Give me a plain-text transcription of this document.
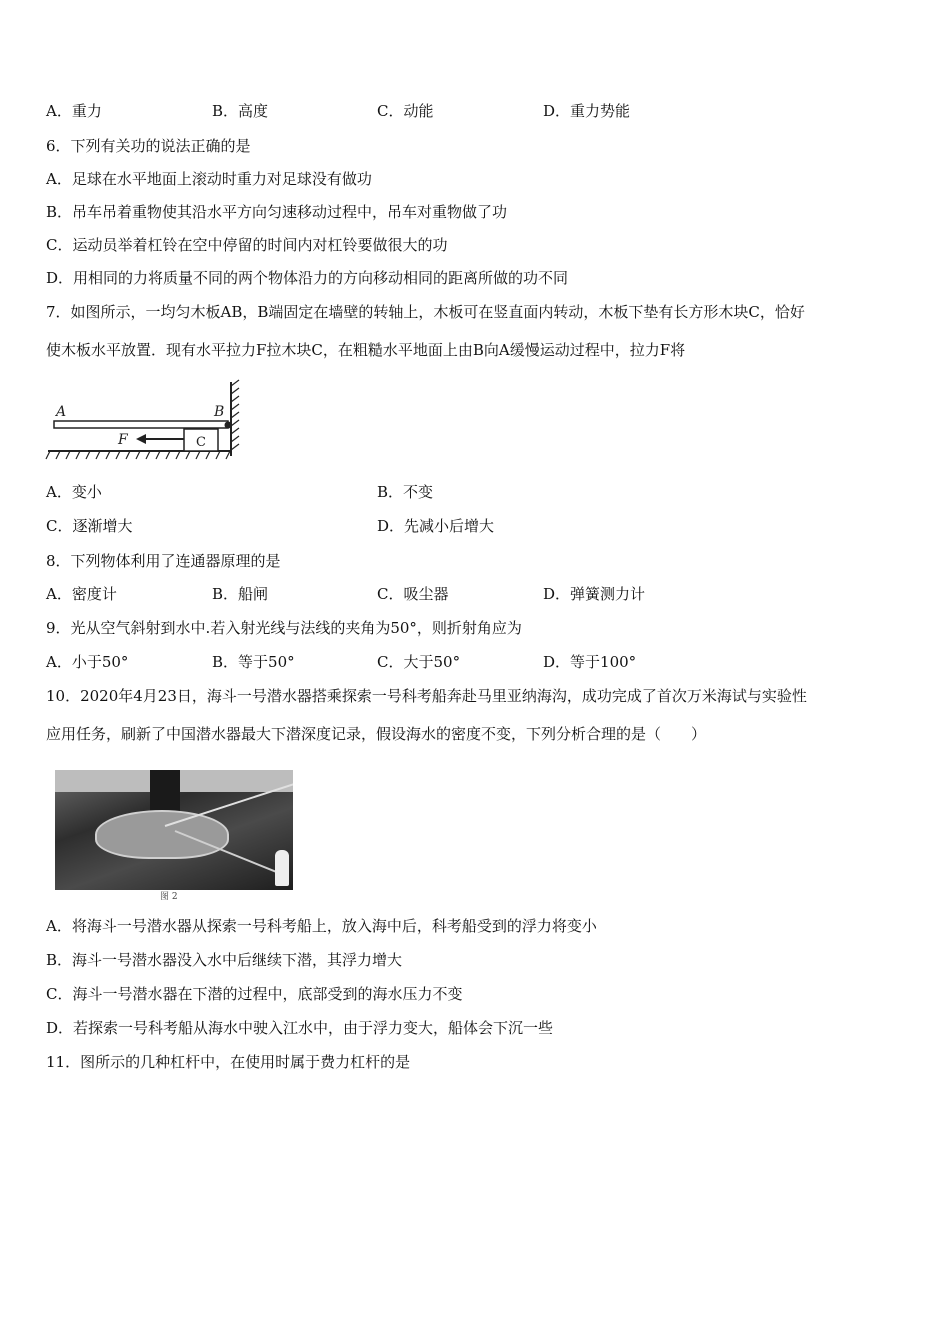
A．重力	B．高度	C．动能	D．重力势能
6．下列有关功的说法正确的是
A．足球在水平地面上滚动时重力对足球没有做功
B．吊车吊着重物使其沿水平方向匀速移动过程中，吊车对重物做了功
C．运动员举着杠铃在空中停留的时间内对杠铃要做很大的功
D．用相同的力将质量不同的两个物体沿力的方向移动相同的距离所做的功不同
7．如图所示，一均匀木板AB，B端固定在墙壁的转轴上，木板可在竖直面内转动，木板下垫有长方形木块C，恰好
使木板水平放置．现有水平拉力F拉木块C，在粗糙水平地面上由B向A缓慢运动过程中，拉力F将
A	B
F	C
A．变小	B．不变
C．逐渐增大	D．先减小后增大
8．下列物体利用了连通器原理的是
A．密度计	B．船闸	C．吸尘器	D．弹簧测力计
9．光从空气斜射到水中.若入射光线与法线的夹角为50°，则折射角应为
A．小于50°	B．等于50°	C．大于50°	D．等于100°
10．2020年4月23日，海斗一号潜水器搭乘探索一号科考船奔赴马里亚纳海沟，成功完成了首次万米海试与实验性
应用任务，刷新了中国潜水器最大下潜深度记录，假设海水的密度不变，下列分析合理的是（　　）
图 2
A．将海斗一号潜水器从探索一号科考船上，放入海中后，科考船受到的浮力将变小
B．海斗一号潜水器没入水中后继续下潜，其浮力增大
C．海斗一号潜水器在下潜的过程中，底部受到的海水压力不变
D．若探索一号科考船从海水中驶入江水中，由于浮力变大，船体会下沉一些
11．图所示的几种杠杆中，在使用时属于费力杠杆的是
